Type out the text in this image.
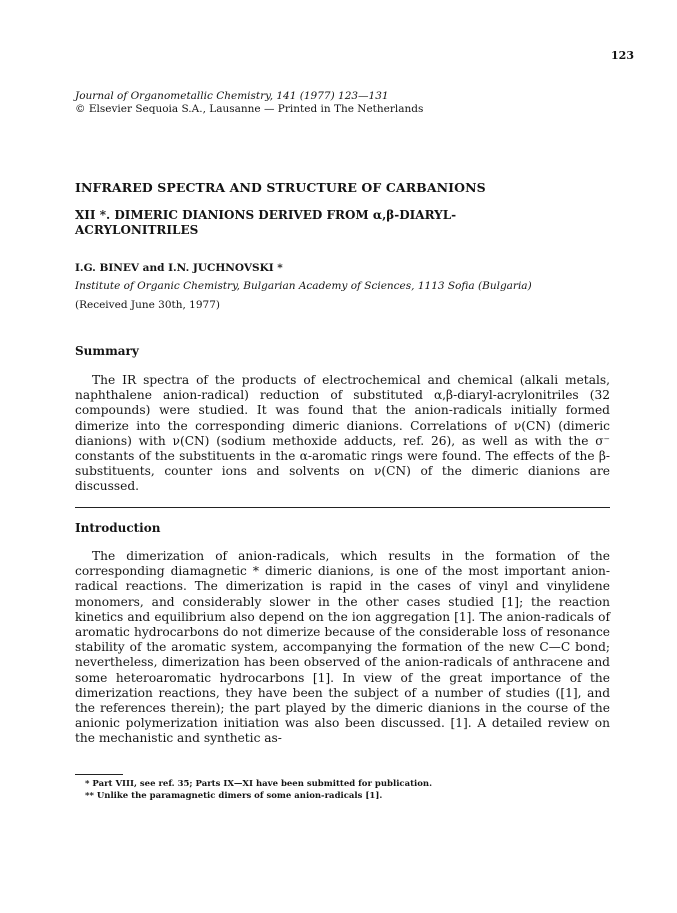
123
Journal of Organometallic Chemistry, 141 (1977) 123—131
© Elsevier Sequoia S.A., Lausanne — Printed in The Netherlands
INFRARED SPECTRA AND STRUCTURE OF CARBANIONS
XII *. DIMERIC DIANIONS DERIVED FROM α,β-DIARYL-ACRYLONITRILES
I.G. BINEV and I.N. JUCHNOVSKI *
Institute of Organic Chemistry, Bulgarian Academy of Sciences, 1113 Sofia (Bulgaria)
(Received June 30th, 1977)
Summary
The IR spectra of the products of electrochemical and chemical (alkali metals, naphthalene anion-radical) reduction of substituted α,β-diaryl-acrylonitriles (32 compounds) were studied. It was found that the anion-radicals initially formed dimerize into the corresponding dimeric dianions. Correlations of ν(CN) (dimeric dianions) with ν(CN) (sodium methoxide adducts, ref. 26), as well as with the σ⁻ constants of the substituents in the α-aromatic rings were found. The effects of the β-substituents, counter ions and solvents on ν(CN) of the dimeric dianions are discussed.
Introduction
The dimerization of anion-radicals, which results in the formation of the corresponding diamagnetic * dimeric dianions, is one of the most important anion-radical reactions. The dimerization is rapid in the cases of vinyl and vinylidene monomers, and considerably slower in the other cases studied [1]; the reaction kinetics and equilibrium also depend on the ion aggregation [1]. The anion-radicals of aromatic hydrocarbons do not dimerize because of the considerable loss of resonance stability of the aromatic system, accompanying the formation of the new C—C bond; nevertheless, dimerization has been observed of the anion-radicals of anthracene and some heteroaromatic hydrocarbons [1]. In view of the great importance of the dimerization reactions, they have been the subject of a number of studies ([1], and the references therein); the part played by the dimeric dianions in the course of the anionic polymerization initiation was also been discussed. [1]. A detailed review on the mechanistic and synthetic as-
* Part VIII, see ref. 35; Parts IX—XI have been submitted for publication.
** Unlike the paramagnetic dimers of some anion-radicals [1].
